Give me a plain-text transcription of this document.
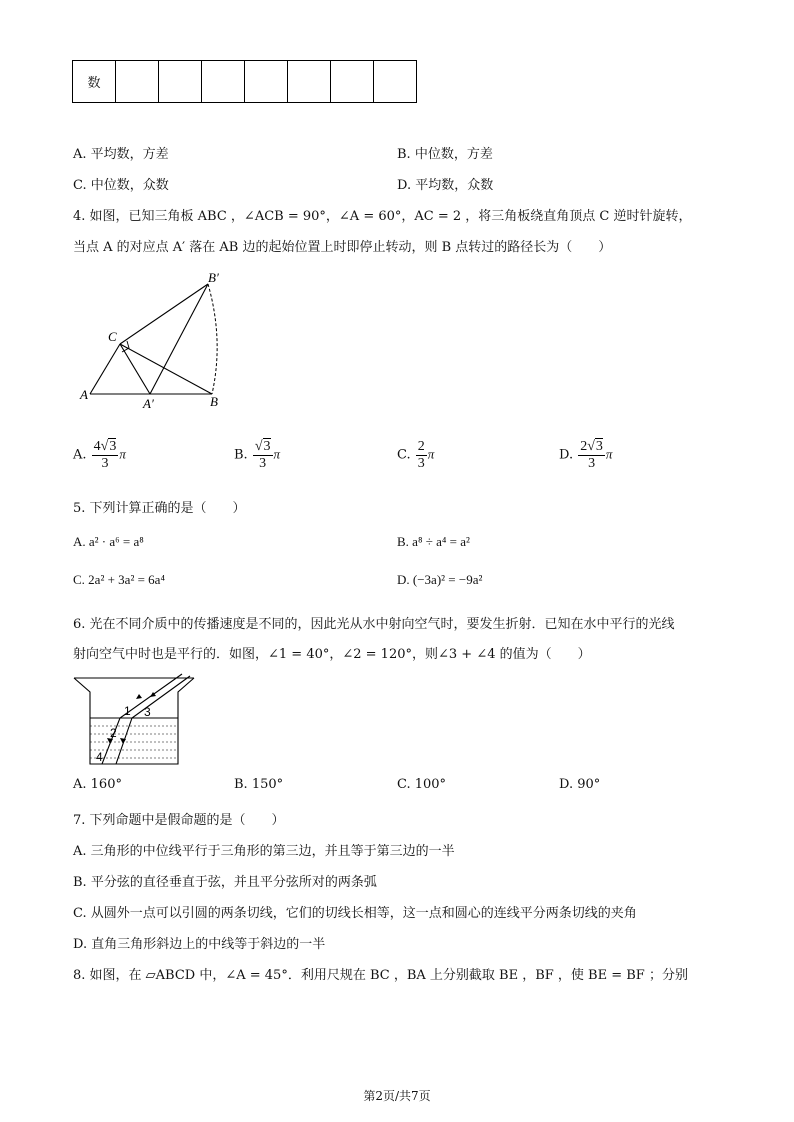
数							
A. 平均数，方差	B. 中位数，方差
C. 中位数，众数	D. 平均数，众数
4. 如图，已知三角板 ABC ，∠ACB = 90°，∠A = 60°，AC = 2 ，将三角板绕直角顶点 C 逆时针旋转，
当点 A 的对应点 A′ 落在 AB 边的起始位置上时即停止转动，则 B 点转过的路径长为（　　）
B′
C
A
A′	B
A. $\frac{4√3}{3}$ π	B. $\frac{√3}{3}$ π	C. $\frac{2}{3}$ π	D. $\frac{2√3}{3}$ π
5. 下列计算正确的是（　　）
A. a² · a⁶ = a⁸	B. a⁸ ÷ a⁴ = a²
C. 2a² + 3a² = 6a⁴	D. (−3a)² = −9a²
6. 光在不同介质中的传播速度是不同的，因此光从水中射向空气时，要发生折射．已知在水中平行的光线
射向空气中时也是平行的．如图，∠1 = 40°，∠2 = 120°，则∠3 + ∠4 的值为（　　）
1
2
3
4
A. 160°	B. 150°	C. 100°	D. 90°
7. 下列命题中是假命题的是（　　）
A. 三角形的中位线平行于三角形的第三边，并且等于第三边的一半
B. 平分弦的直径垂直于弦，并且平分弦所对的两条弧
C. 从圆外一点可以引圆的两条切线，它们的切线长相等，这一点和圆心的连线平分两条切线的夹角
D. 直角三角形斜边上的中线等于斜边的一半
8. 如图，在 ▱ABCD 中，∠A = 45°．利用尺规在 BC ，BA 上分别截取 BE ，BF ，使 BE = BF ；分别
第2页/共7页
